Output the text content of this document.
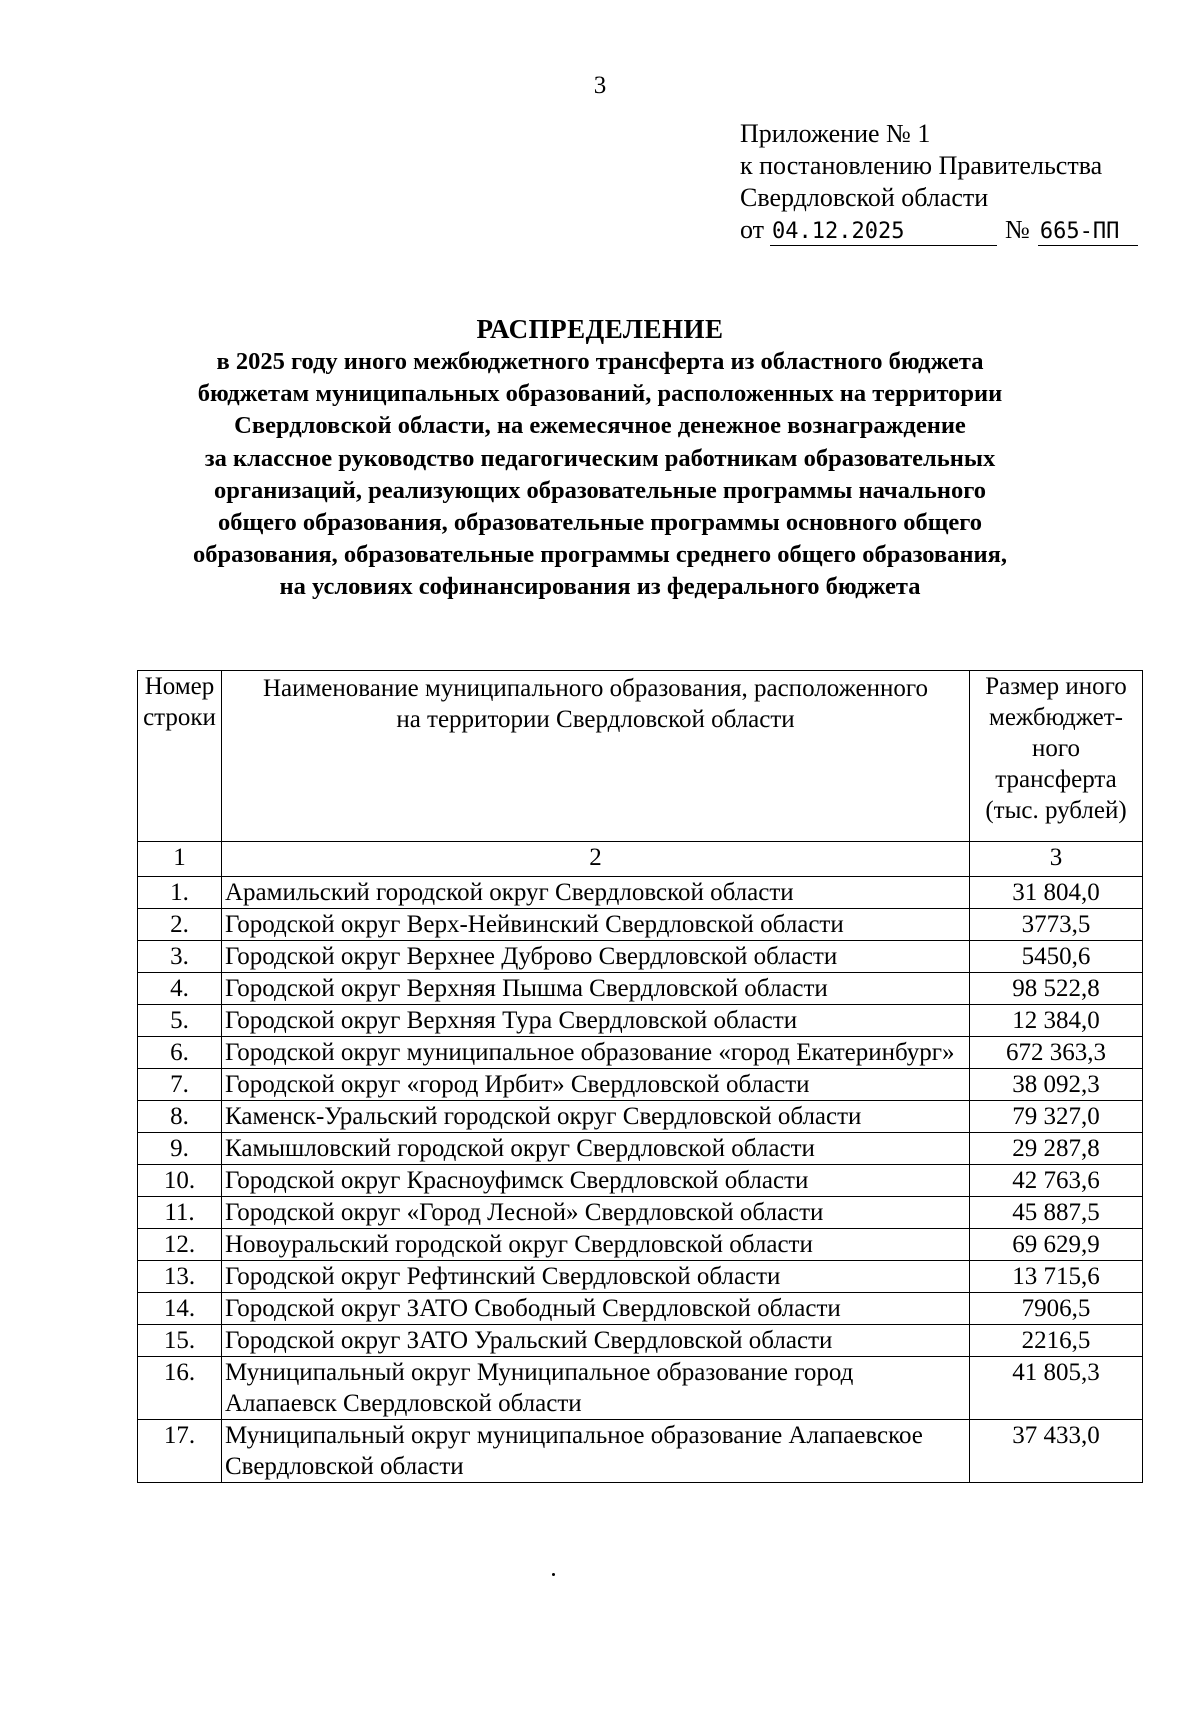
3
Приложение № 1
к постановлению Правительства
Свердловской области
от 04.12.2025	№ 665-ПП
РАСПРЕДЕЛЕНИЕ
в 2025 году иного межбюджетного трансферта из областного бюджета
бюджетам муниципальных образований, расположенных на территории
Свердловской области, на ежемесячное денежное вознаграждение
за классное руководство педагогическим работникам образовательных
организаций, реализующих образовательные программы начального
общего образования, образовательные программы основного общего
образования, образовательные программы среднего общего образования,
на условиях софинансирования из федерального бюджета
Номер строки	Наименование муниципального образования, расположенного на территории Свердловской области	Размер иного межбюджет-ного трансферта (тыс. рублей)
1	2	3
1.	Арамильский городской округ Свердловской области	31 804,0
2.	Городской округ Верх-Нейвинский Свердловской области	3773,5
3.	Городской округ Верхнее Дуброво Свердловской области	5450,6
4.	Городской округ Верхняя Пышма Свердловской области	98 522,8
5.	Городской округ Верхняя Тура Свердловской области	12 384,0
6.	Городской округ муниципальное образование «город Екатеринбург»	672 363,3
7.	Городской округ «город Ирбит» Свердловской области	38 092,3
8.	Каменск-Уральский городской округ Свердловской области	79 327,0
9.	Камышловский городской округ Свердловской области	29 287,8
10.	Городской округ Красноуфимск Свердловской области	42 763,6
11.	Городской округ «Город Лесной» Свердловской области	45 887,5
12.	Новоуральский городской округ Свердловской области	69 629,9
13.	Городской округ Рефтинский Свердловской области	13 715,6
14.	Городской округ ЗАТО Свободный Свердловской области	7906,5
15.	Городской округ ЗАТО Уральский Свердловской области	2216,5
16.	Муниципальный округ Муниципальное образование город Алапаевск Свердловской области	41 805,3
17.	Муниципальный округ муниципальное образование Алапаевское Свердловской области	37 433,0
